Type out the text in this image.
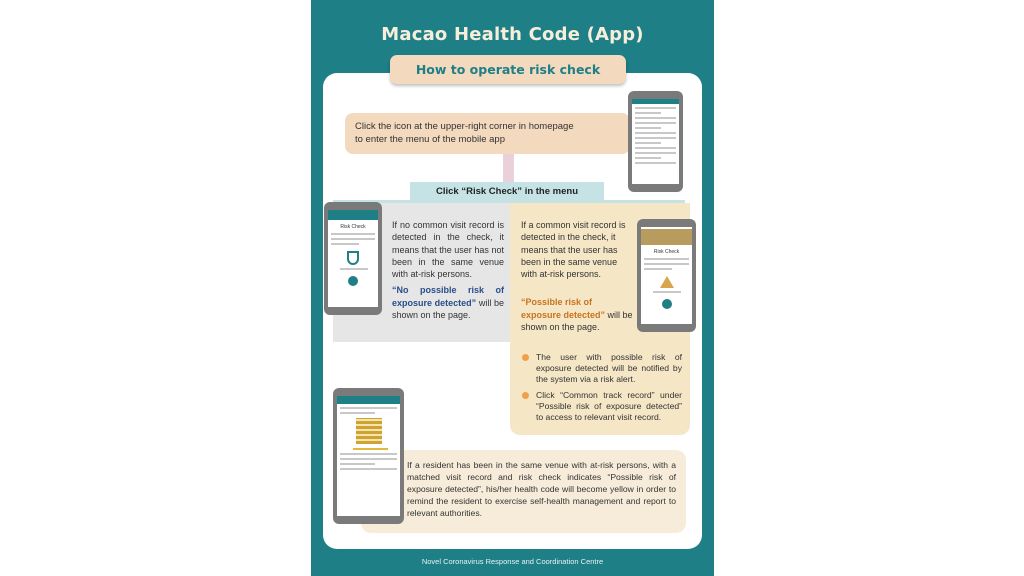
Macao Health Code (App)
How to operate risk check
Click the icon at the upper-right corner in homepage
to enter the menu of the mobile app
Click “Risk Check” in the menu
Risk Check	If no common visit record is detected in the check, it means that the user has not been in the same venue with at-risk persons.
“No possible risk of exposure detected” will be shown on the page.
If a common visit record is detected in the check, it means that the user has been in the same venue with at-risk persons.
“Possible risk of exposure detected” will be shown on the page.
Risk Check
The user with possible risk of exposure detected will be notified by the system via a risk alert.
Click “Common track record” under “Possible risk of exposure detected” to access to relevant visit record.
If a resident has been in the same venue with at-risk persons, with a matched visit record and risk check indicates “Possible risk of exposure detected”, his/her health code will become yellow in order to remind the resident to exercise self-health management and report to relevant authorities.
Novel Coronavirus Response and Coordination Centre
